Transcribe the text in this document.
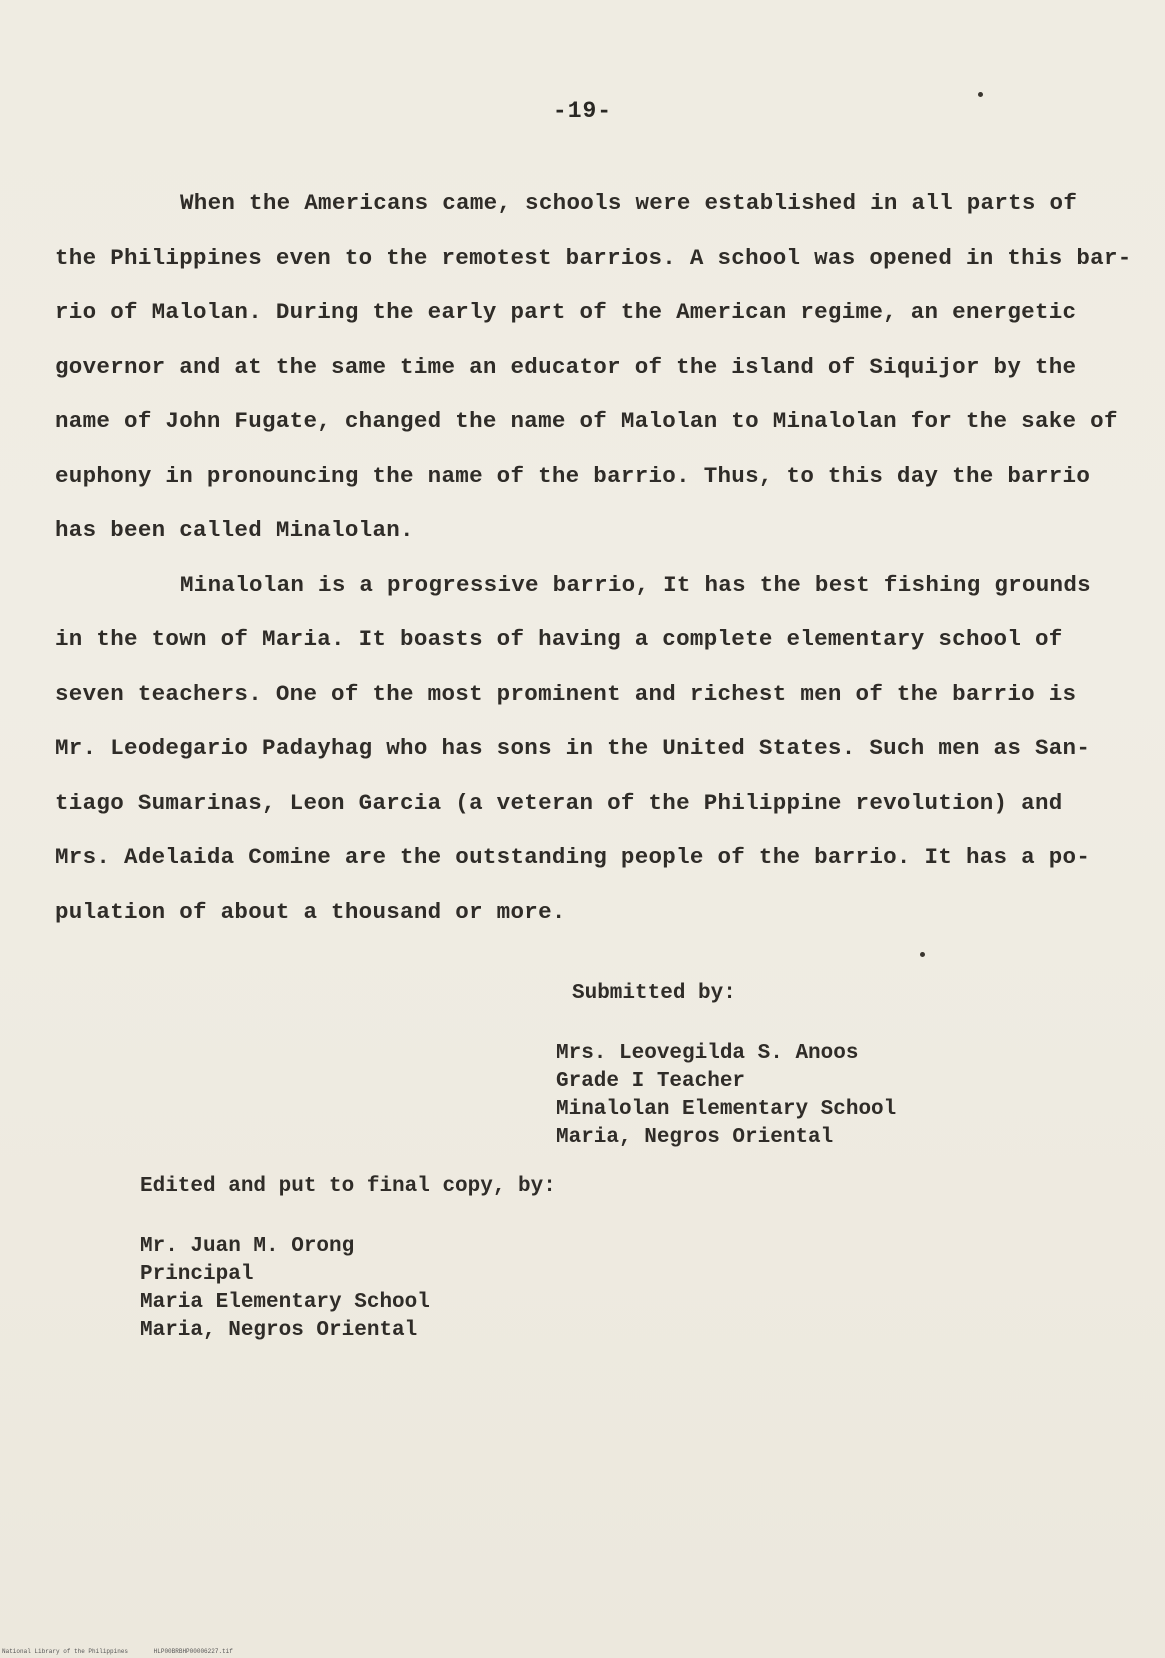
-19-

When the Americans came, schools were established in all parts of
the Philippines even to the remotest barrios. A school was opened in this bar-
rio of Malolan. During the early part of the American regime, an energetic
governor and at the same time an educator of the island of Siquijor by the
name of John Fugate, changed the name of Malolan to Minalolan for the sake of
euphony in pronouncing the name of the barrio. Thus, to this day the barrio
has been called Minalolan.

Minalolan is a progressive barrio, It has the best fishing grounds
in the town of Maria. It boasts of having a complete elementary school of
seven teachers. One of the most prominent and richest men of the barrio is
Mr. Leodegario Padayhag who has sons in the United States. Such men as San-
tiago Sumarinas, Leon Garcia (a veteran of the Philippine revolution) and
Mrs. Adelaida Comine are the outstanding people of the barrio. It has a po-
pulation of about a thousand or more.

Submitted by:
Mrs. Leovegilda S. Anoos
Grade I Teacher
Minalolan Elementary School
Maria, Negros Oriental
Edited and put to final copy, by:
Mr. Juan M. Orong
Principal
Maria Elementary School
Maria, Negros Oriental
National Library of the Philippines	HLP00BRBHP00006227.tif
